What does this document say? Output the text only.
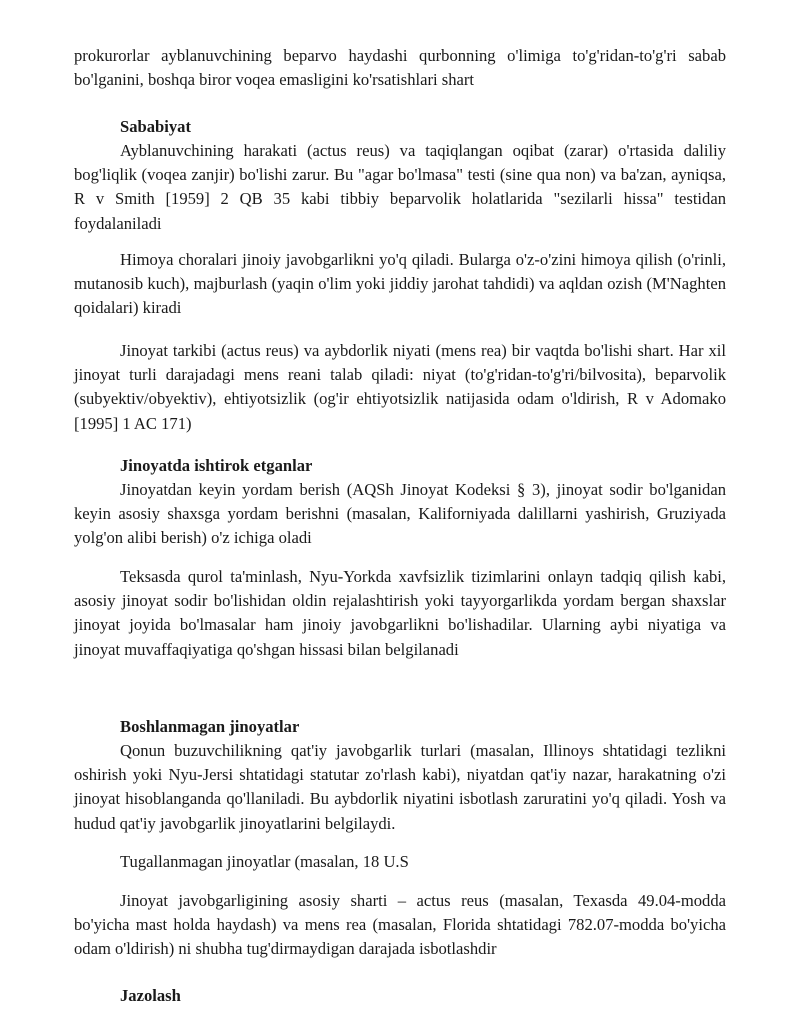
prokurorlar ayblanuvchining beparvo haydashi qurbonning o'limiga to'g'ridan-to'g'ri sabab bo'lganini, boshqa biror voqea emasligini ko'rsatishlari shart

Sababiyat

Ayblanuvchining harakati (actus reus) va taqiqlangan oqibat (zarar) o'rtasida daliliy bog'liqlik (voqea zanjir) bo'lishi zarur. Bu "agar bo'lmasa" testi (sine qua non) va ba'zan, ayniqsa, R v Smith [1959] 2 QB 35 kabi tibbiy beparvolik holatlarida "sezilarli hissa" testidan foydalaniladi

Himoya choralari jinoiy javobgarlikni yo'q qiladi. Bularga o'z-o'zini himoya qilish (o'rinli, mutanosib kuch), majburlash (yaqin o'lim yoki jiddiy jarohat tahdidi) va aqldan ozish (M'Naghten qoidalari) kiradi

Jinoyat tarkibi (actus reus) va aybdorlik niyati (mens rea) bir vaqtda bo'lishi shart. Har xil jinoyat turli darajadagi mens reani talab qiladi: niyat (to'g'ridan-to'g'ri/bilvosita), beparvolik (subyektiv/obyektiv), ehtiyotsizlik (og'ir ehtiyotsizlik natijasida odam o'ldirish, R v Adomako [1995] 1 AC 171)

Jinoyatda ishtirok etganlar

Jinoyatdan keyin yordam berish (AQSh Jinoyat Kodeksi § 3), jinoyat sodir bo'lganidan keyin asosiy shaxsga yordam berishni (masalan, Kaliforniyada dalillarni yashirish, Gruziyada yolg'on alibi berish) o'z ichiga oladi

Teksasda qurol ta'minlash, Nyu-Yorkda xavfsizlik tizimlarini onlayn tadqiq qilish kabi, asosiy jinoyat sodir bo'lishidan oldin rejalashtirish yoki tayyorgarlikda yordam bergan shaxslar jinoyat joyida bo'lmasalar ham jinoiy javobgarlikni bo'lishadilar. Ularning aybi niyatiga va jinoyat muvaffaqiyatiga qo'shgan hissasi bilan belgilanadi

Boshlanmagan jinoyatlar

Qonun buzuvchilikning qat'iy javobgarlik turlari (masalan, Illinoys shtatidagi tezlikni oshirish yoki Nyu-Jersi shtatidagi statutar zo'rlash kabi), niyatdan qat'iy nazar, harakatning o'zi jinoyat hisoblanganda qo'llaniladi. Bu aybdorlik niyatini isbotlash zaruratini yo'q qiladi. Yosh va hudud qat'iy javobgarlik jinoyatlarini belgilaydi.

Tugallanmagan jinoyatlar (masalan, 18 U.S

Jinoyat javobgarligining asosiy sharti – actus reus (masalan, Texasda 49.04-modda bo'yicha mast holda haydash) va mens rea (masalan, Florida shtatidagi 782.07-modda bo'yicha odam o'ldirish) ni shubha tug'dirmaydigan darajada isbotlashdir

Jazolash
